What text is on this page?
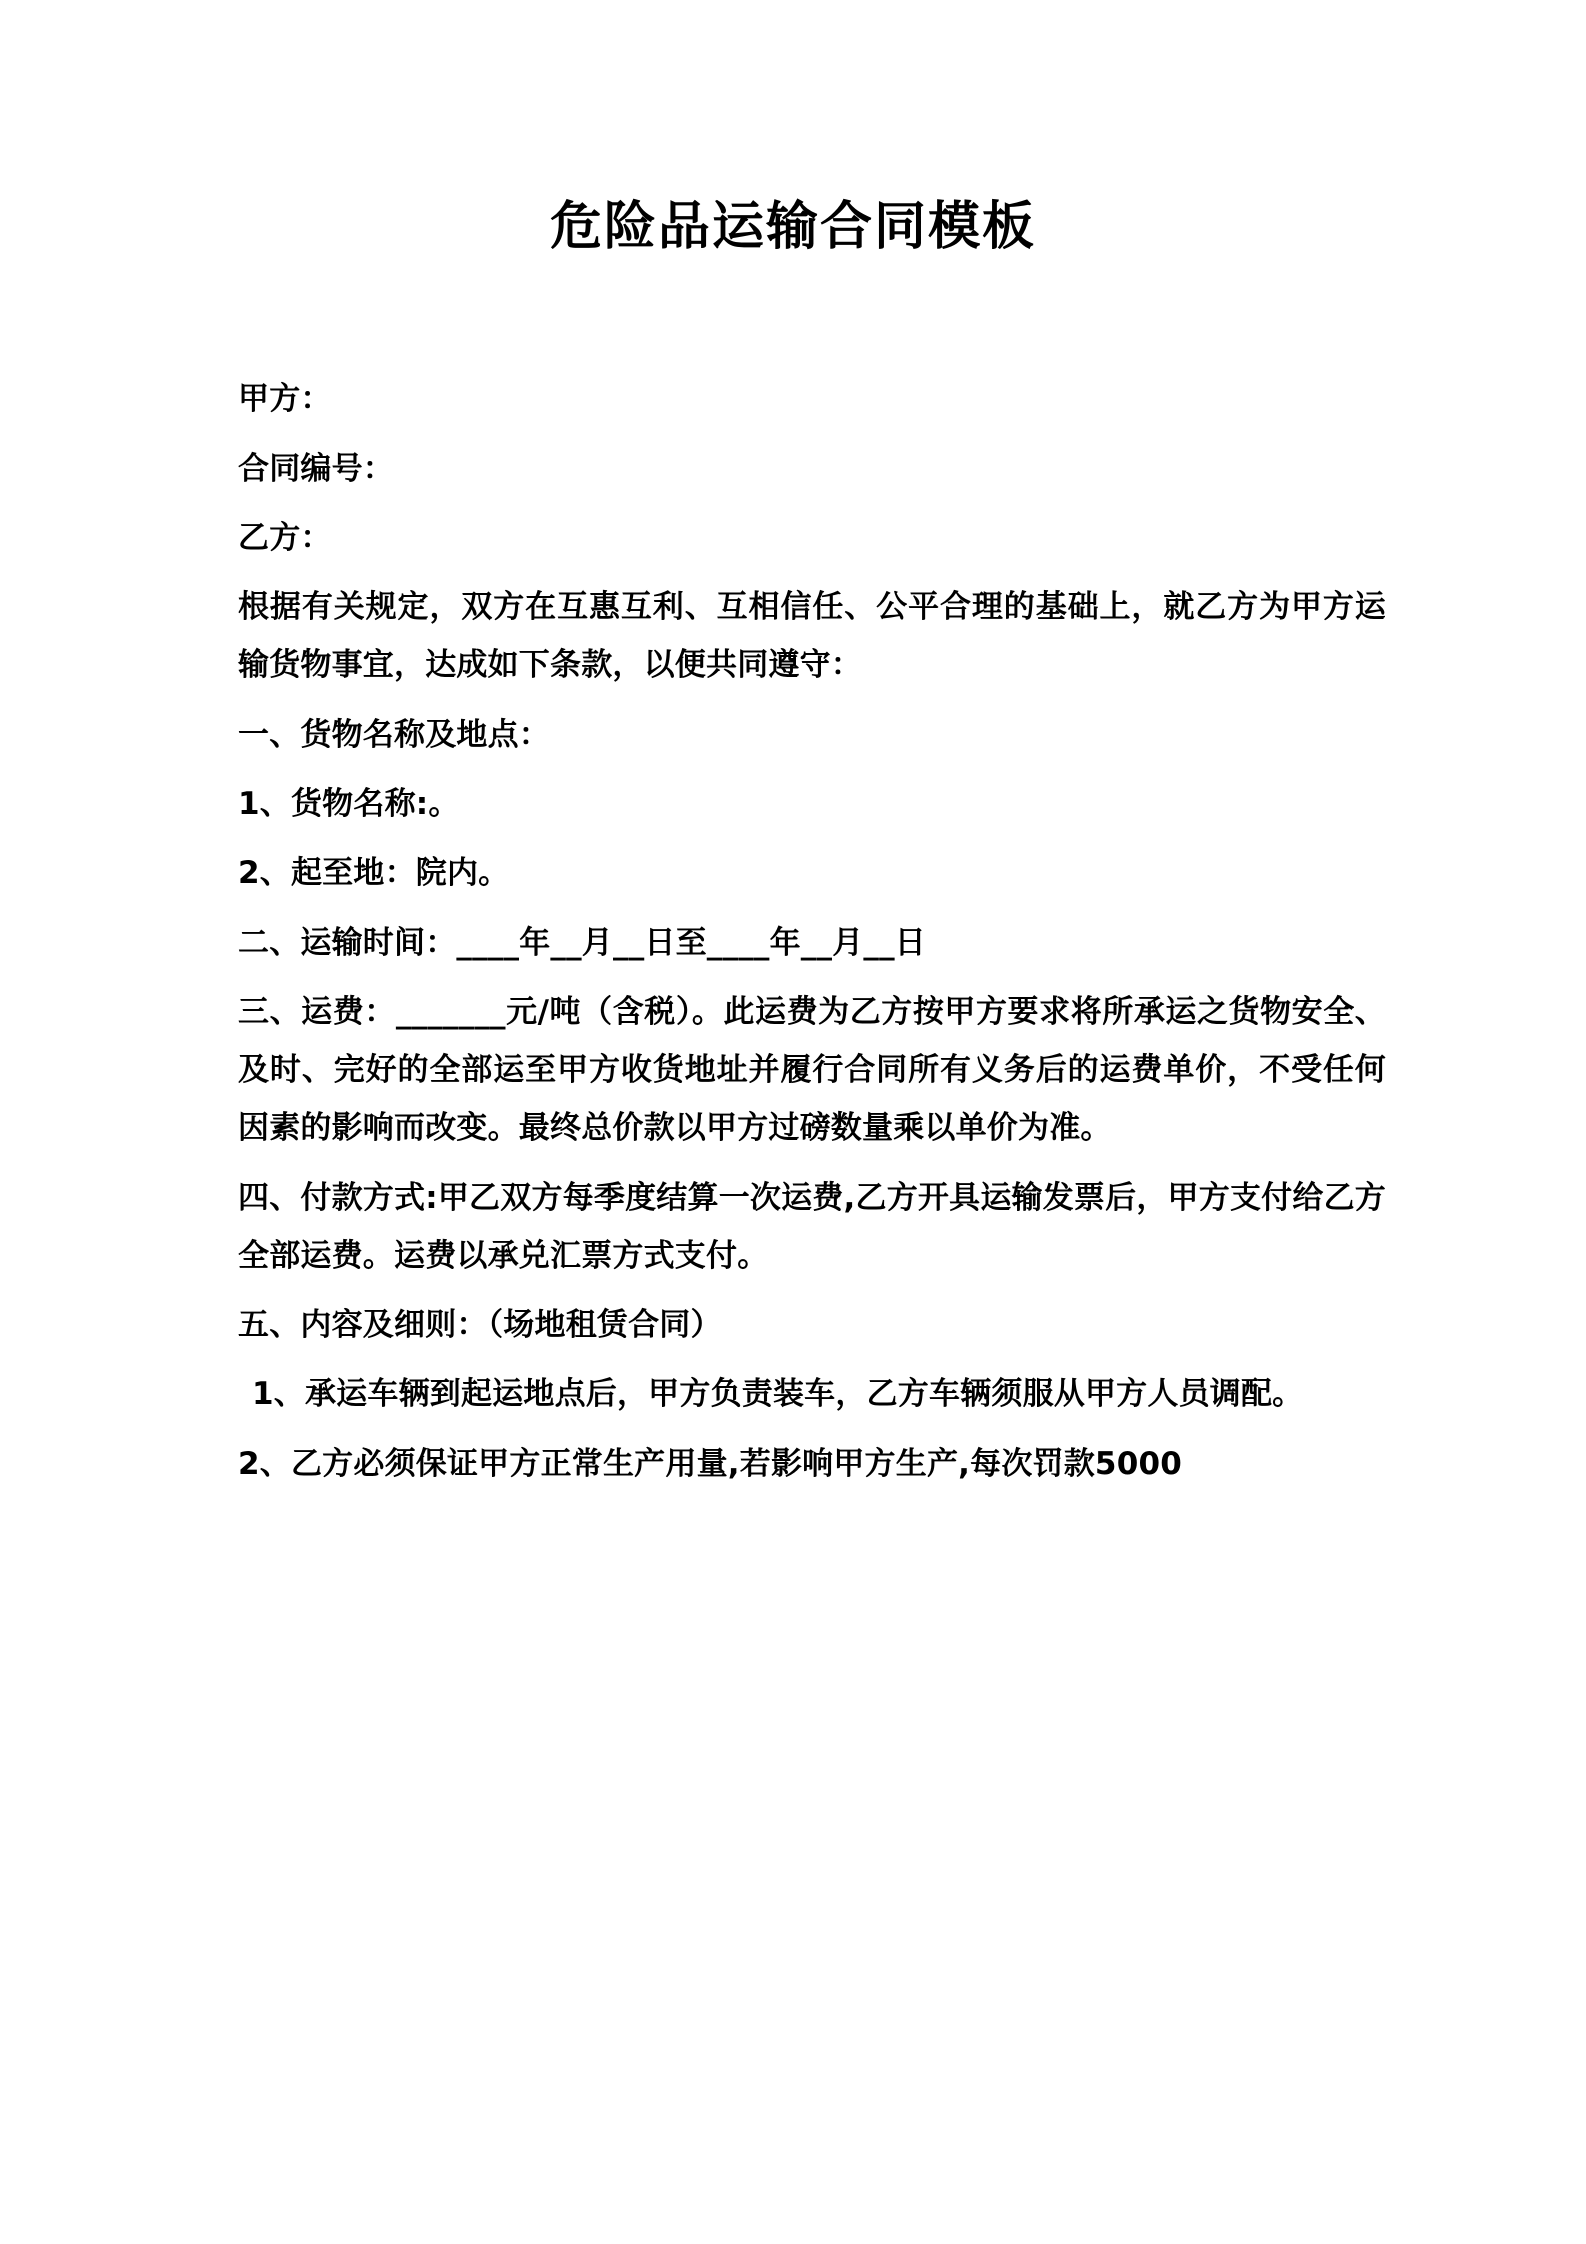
危险品运输合同模板

甲方：

合同编号：

乙方：

根据有关规定，双方在互惠互利、互相信任、公平合理的基础上，就乙方为甲方运输货物事宜，达成如下条款，以便共同遵守：

一、货物名称及地点：

1、货物名称:。

2、起至地：院内。

二、运输时间：____年__月__日至____年__月__日

三、运费：_______元/吨（含税）。此运费为乙方按甲方要求将所承运之货物安全、及时、完好的全部运至甲方收货地址并履行合同所有义务后的运费单价，不受任何因素的影响而改变。最终总价款以甲方过磅数量乘以单价为准。

四、付款方式:甲乙双方每季度结算一次运费,乙方开具运输发票后，甲方支付给乙方全部运费。运费以承兑汇票方式支付。

五、内容及细则：（场地租赁合同）

1、承运车辆到起运地点后，甲方负责装车，乙方车辆须服从甲方人员调配。

2、乙方必须保证甲方正常生产用量,若影响甲方生产,每次罚款5000
